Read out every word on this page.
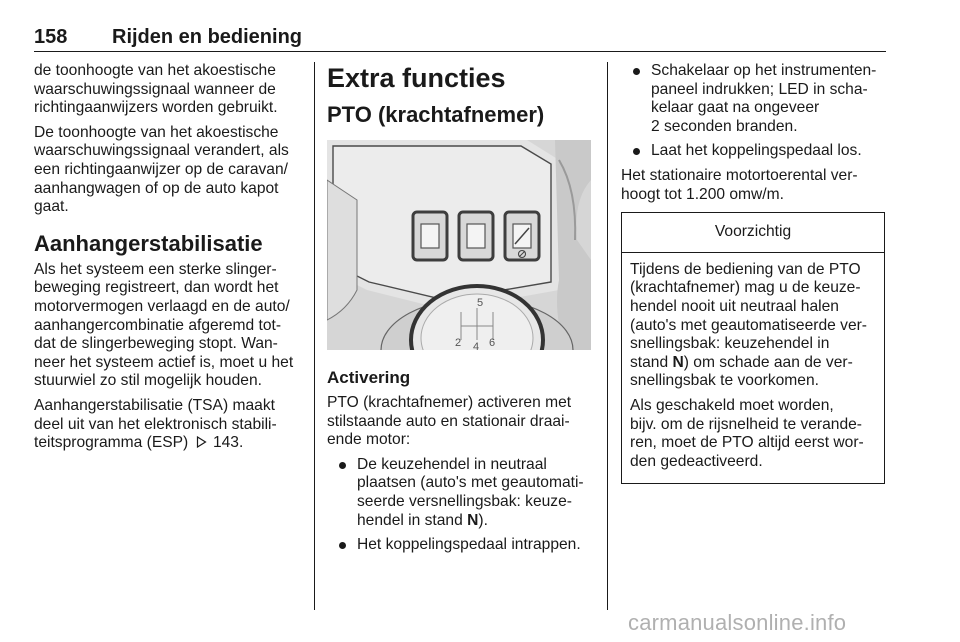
158 Rijden en bediening

de toonhoogte van het akoestische
waarschuwingssignaal wanneer de
richtingaanwijzers worden gebruikt.

De toonhoogte van het akoestische
waarschuwingssignaal verandert, als
een richtingaanwijzer op de caravan/
aanhangwagen of op de auto kapot
gaat.

Aanhangerstabilisatie

Als het systeem een sterke slinger-
beweging registreert, dan wordt het
motorvermogen verlaagd en de auto/
aanhangercombinatie afgeremd tot-
dat de slingerbeweging stopt. Wan-
neer het systeem actief is, moet u het
stuurwiel zo stil mogelijk houden.

Aanhangerstabilisatie (TSA) maakt
deel uit van het elektronisch stabili-
teitsprogramma (ESP) 143.

Extra functies
PTO (krachtafnemer)
2 4 6
5
Activering

PTO (krachtafnemer) activeren met
stilstaande auto en stationair draai-
ende motor:

De keuzehendel in neutraal
plaatsen (auto's met geautomati-
seerde versnellingsbak: keuze-
hendel in stand N).
Het koppelingspedaal intrappen.
Schakelaar op het instrumenten-
paneel indrukken; LED in scha-
kelaar gaat na ongeveer
2 seconden branden.
Laat het koppelingspedaal los.

Het stationaire motortoerental ver-
hoogt tot 1.200 omw/m.

Voorzichtig

Tijdens de bediening van de PTO
(krachtafnemer) mag u de keuze-
hendel nooit uit neutraal halen
(auto's met geautomatiseerde ver-
snellingsbak: keuzehendel in
stand N) om schade aan de ver-
snellingsbak te voorkomen.

Als geschakeld moet worden,
bijv. om de rijsnelheid te verande-
ren, moet de PTO altijd eerst wor-
den gedeactiveerd.

carmanualsonline.info
